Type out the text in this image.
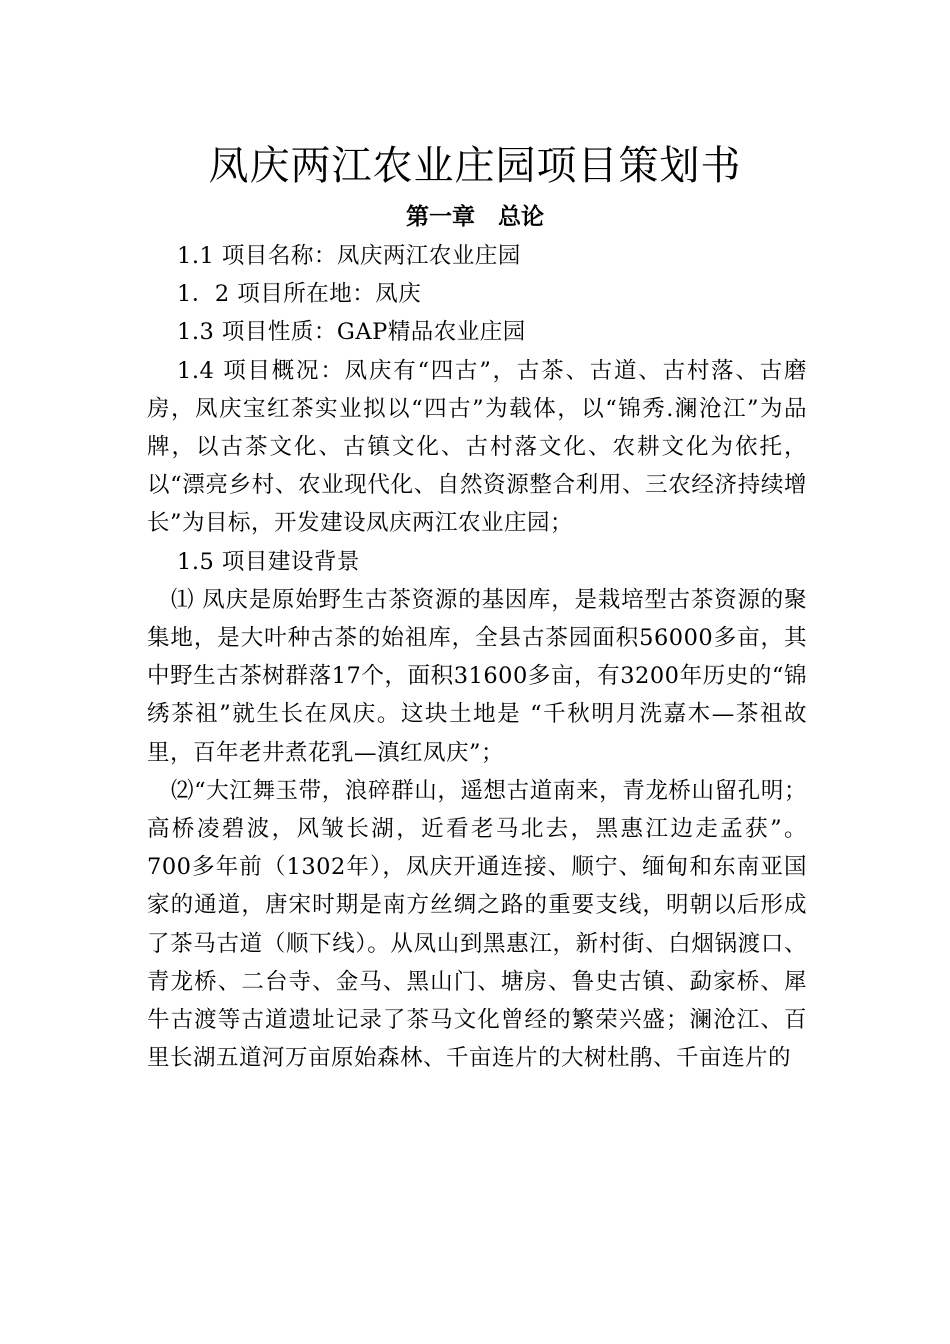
凤庆两江农业庄园项目策划书
第一章　总论

1.1 项目名称：凤庆两江农业庄园

1．2 项目所在地：凤庆

1.3 项目性质：GAP精品农业庄园

1.4 项目概况：凤庆有“四古”，古茶、古道、古村落、古磨房，凤庆宝红茶实业拟以“四古”为载体，以“锦秀.澜沧江”为品牌，以古茶文化、古镇文化、古村落文化、农耕文化为依托，以“漂亮乡村、农业现代化、自然资源整合利用、三农经济持续增长”为目标，开发建设凤庆两江农业庄园；

1.5 项目建设背景

⑴ 凤庆是原始野生古茶资源的基因库，是栽培型古茶资源的聚集地，是大叶种古茶的始祖库，全县古茶园面积56000多亩，其中野生古茶树群落17个，面积31600多亩，有3200年历史的“锦绣茶祖”就生长在凤庆。这块土地是 “千秋明月洗嘉木—茶祖故里，百年老井煮花乳—滇红凤庆”；

⑵“大江舞玉带，浪碎群山，遥想古道南来，青龙桥山留孔明；高桥凌碧波，风皱长湖，近看老马北去，黑惠江边走孟获”。 700多年前（1302年），凤庆开通连接、顺宁、缅甸和东南亚国家的通道，唐宋时期是南方丝绸之路的重要支线，明朝以后形成了茶马古道（顺下线）。从凤山到黑惠江，新村街、白烟锅渡口、青龙桥、二台寺、金马、黑山门、塘房、鲁史古镇、勐家桥、犀牛古渡等古道遗址记录了茶马文化曾经的繁荣兴盛；澜沧江、百里长湖五道河万亩原始森林、千亩连片的大树杜鹃、千亩连片的
